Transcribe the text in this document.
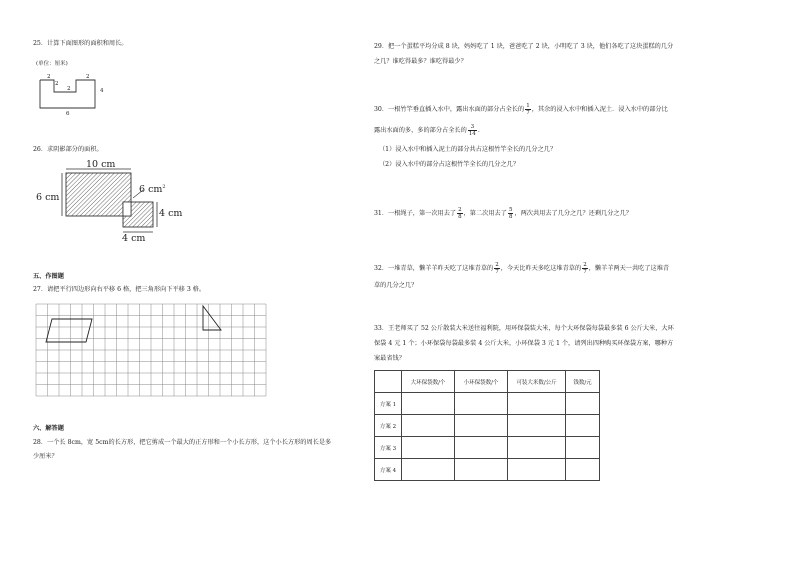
25．计算下面图形的面积和周长。
(单位：厘米)
2
2
2
2
4
6
26．求阴影部分的面积。
10 cm
6 cm
6 $cm^2$
4 cm
4 cm
五、作图题
27．请把平行四边形向右平移 6 格，把三角形向下平移 3 格。
六、解答题
28．一个长 8cm，宽 5cm的长方形，把它剪成一个最大的正方形和一个小长方形，这个小长方形的周长是多
少厘米？
29．把一个蛋糕平均分成 8 块，妈妈吃了 1 块，爸爸吃了 2 块，小明吃了 3 块，他们各吃了这块蛋糕的几分
之几？谁吃得最多？谁吃得最少？
30．一根竹竿垂直插入水中，露出水面的部分占全长的 $\frac{1}{7}$ ，其余的浸入水中和插入泥土．浸入水中的部分比
露出水面的多，多的部分占全长的 $\frac{3}{14}$ ．
（1）浸入水中和插入泥土的部分共占这根竹竿全长的几分之几？
（2）浸入水中的部分占这根竹竿全长的几分之几？
31．一根绳子，第一次用去了 $\frac{2}{8}$ ，第二次用去了 $\frac{5}{8}$ ，两次共用去了几分之几？还剩几分之几？
32．一堆青草，懒羊羊昨天吃了这堆青草的 $\frac{2}{7}$ ，今天比昨天多吃这堆青草的 $\frac{2}{7}$ ，懒羊羊两天一共吃了这堆青
草的几分之几？
33．王老师买了 52 公斤散装大米送往福利院，用环保袋装大米，每个大环保袋每袋最多装 6 公斤大米，大环
保袋 4 元 1 个；小环保袋每袋最多装 4 公斤大米，小环保袋 3 元 1 个，请列出四种购买环保袋方案，哪种方
案最省钱？
	大环保袋数/个	小环保袋数/个	可装大米数/公斤	钱数/元
方案 1				
方案 2				
方案 3				
方案 4				
